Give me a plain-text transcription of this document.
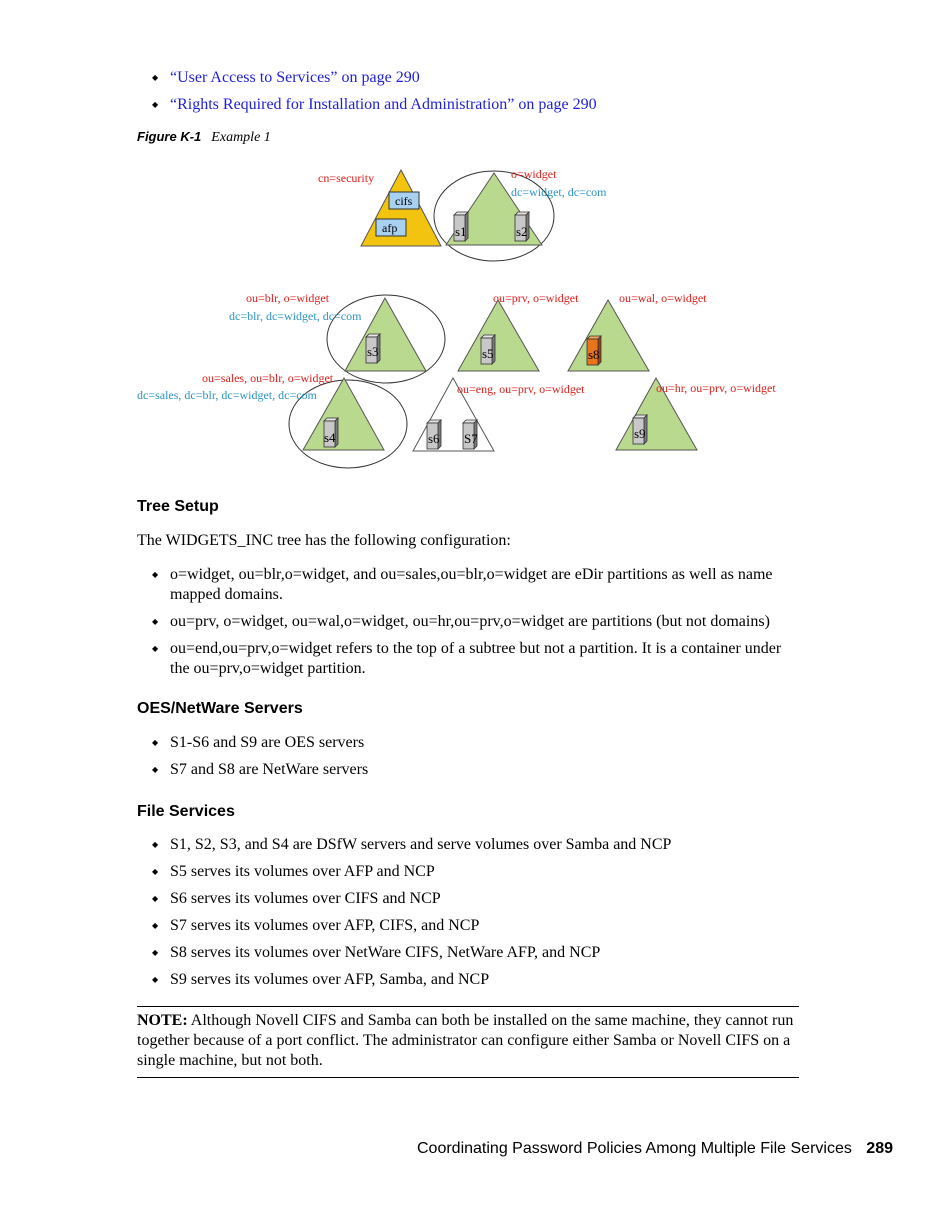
◆ “User Access to Services” on page 290
◆ “Rights Required for Installation and Administration” on page 290
Figure K-1 Example 1
cifs
afp
cn=security
s1	s2
o=widget
dc=widget, dc=com
s3
ou=blr, o=widget
dc=blr, dc=widget, dc=com
s5
ou=prv, o=widget
s8
ou=wal, o=widget
s4
ou=sales, ou=blr, o=widget
dc=sales, dc=blr, dc=widget, dc=com
s6 S7
ou=eng, ou=prv, o=widget
s9
ou=hr, ou=prv, o=widget
Tree Setup
The WIDGETS_INC tree has the following configuration:
◆ o=widget, ou=blr,o=widget, and ou=sales,ou=blr,o=widget are eDir partitions as well as name mapped domains.
◆ ou=prv, o=widget, ou=wal,o=widget, ou=hr,ou=prv,o=widget are partitions (but not domains)
◆ ou=end,ou=prv,o=widget refers to the top of a subtree but not a partition. It is a container under the ou=prv,o=widget partition.
OES/NetWare Servers
◆ S1-S6 and S9 are OES servers
◆ S7 and S8 are NetWare servers
File Services
◆ S1, S2, S3, and S4 are DSfW servers and serve volumes over Samba and NCP
◆ S5 serves its volumes over AFP and NCP
◆ S6 serves its volumes over CIFS and NCP
◆ S7 serves its volumes over AFP, CIFS, and NCP
◆ S8 serves its volumes over NetWare CIFS, NetWare AFP, and NCP
◆ S9 serves its volumes over AFP, Samba, and NCP
NOTE: Although Novell CIFS and Samba can both be installed on the same machine, they cannot run together because of a port conflict. The administrator can configure either Samba or Novell CIFS on a single machine, but not both.
Coordinating Password Policies Among Multiple File Services 289
